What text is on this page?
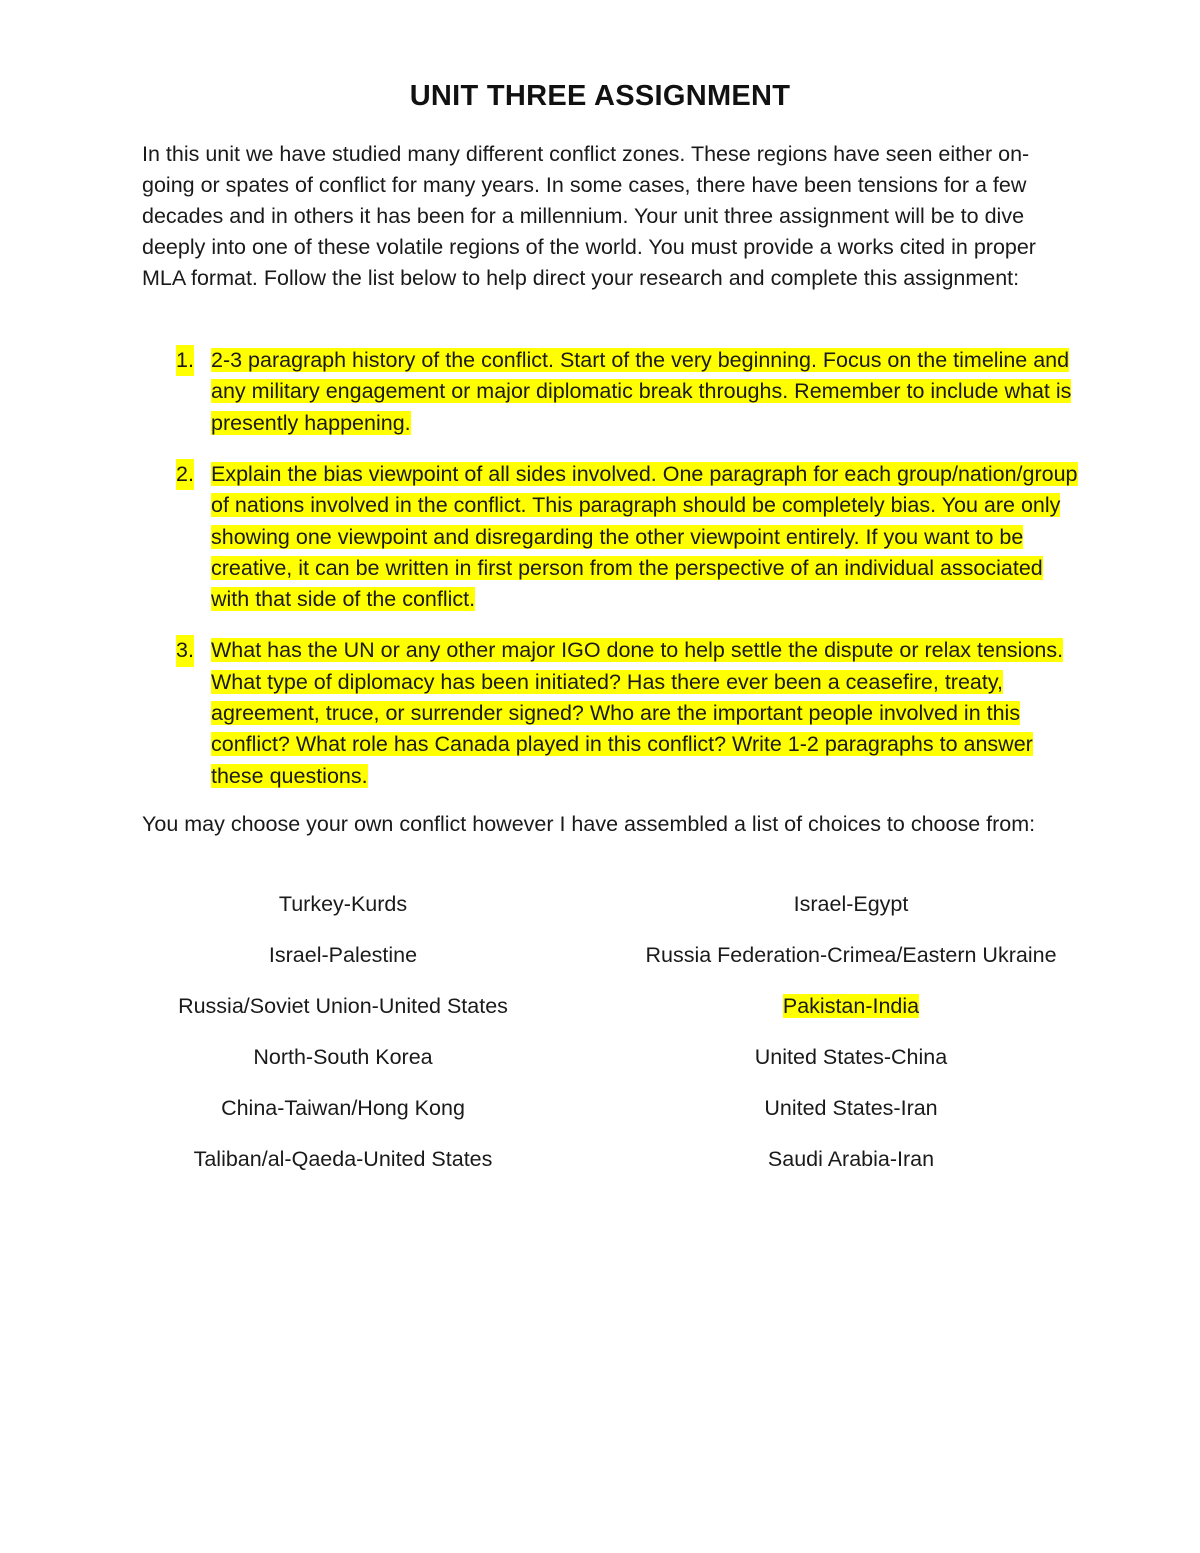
UNIT THREE ASSIGNMENT
In this unit we have studied many different conflict zones. These regions have seen either on-going or spates of conflict for many years. In some cases, there have been tensions for a few decades and in others it has been for a millennium. Your unit three assignment will be to dive deeply into one of these volatile regions of the world. You must provide a works cited in proper MLA format. Follow the list below to help direct your research and complete this assignment:
1. 2-3 paragraph history of the conflict. Start of the very beginning. Focus on the timeline and any military engagement or major diplomatic break throughs. Remember to include what is presently happening.
2. Explain the bias viewpoint of all sides involved. One paragraph for each group/nation/group of nations involved in the conflict. This paragraph should be completely bias. You are only showing one viewpoint and disregarding the other viewpoint entirely. If you want to be creative, it can be written in first person from the perspective of an individual associated with that side of the conflict.
3. What has the UN or any other major IGO done to help settle the dispute or relax tensions. What type of diplomacy has been initiated? Has there ever been a ceasefire, treaty, agreement, truce, or surrender signed? Who are the important people involved in this conflict? What role has Canada played in this conflict? Write 1-2 paragraphs to answer these questions.
You may choose your own conflict however I have assembled a list of choices to choose from:
Turkey-Kurds	Israel-Egypt
Israel-Palestine	Russia Federation-Crimea/Eastern Ukraine
Russia/Soviet Union-United States	Pakistan-India
North-South Korea	United States-China
China-Taiwan/Hong Kong	United States-Iran
Taliban/al-Qaeda-United States	Saudi Arabia-Iran
